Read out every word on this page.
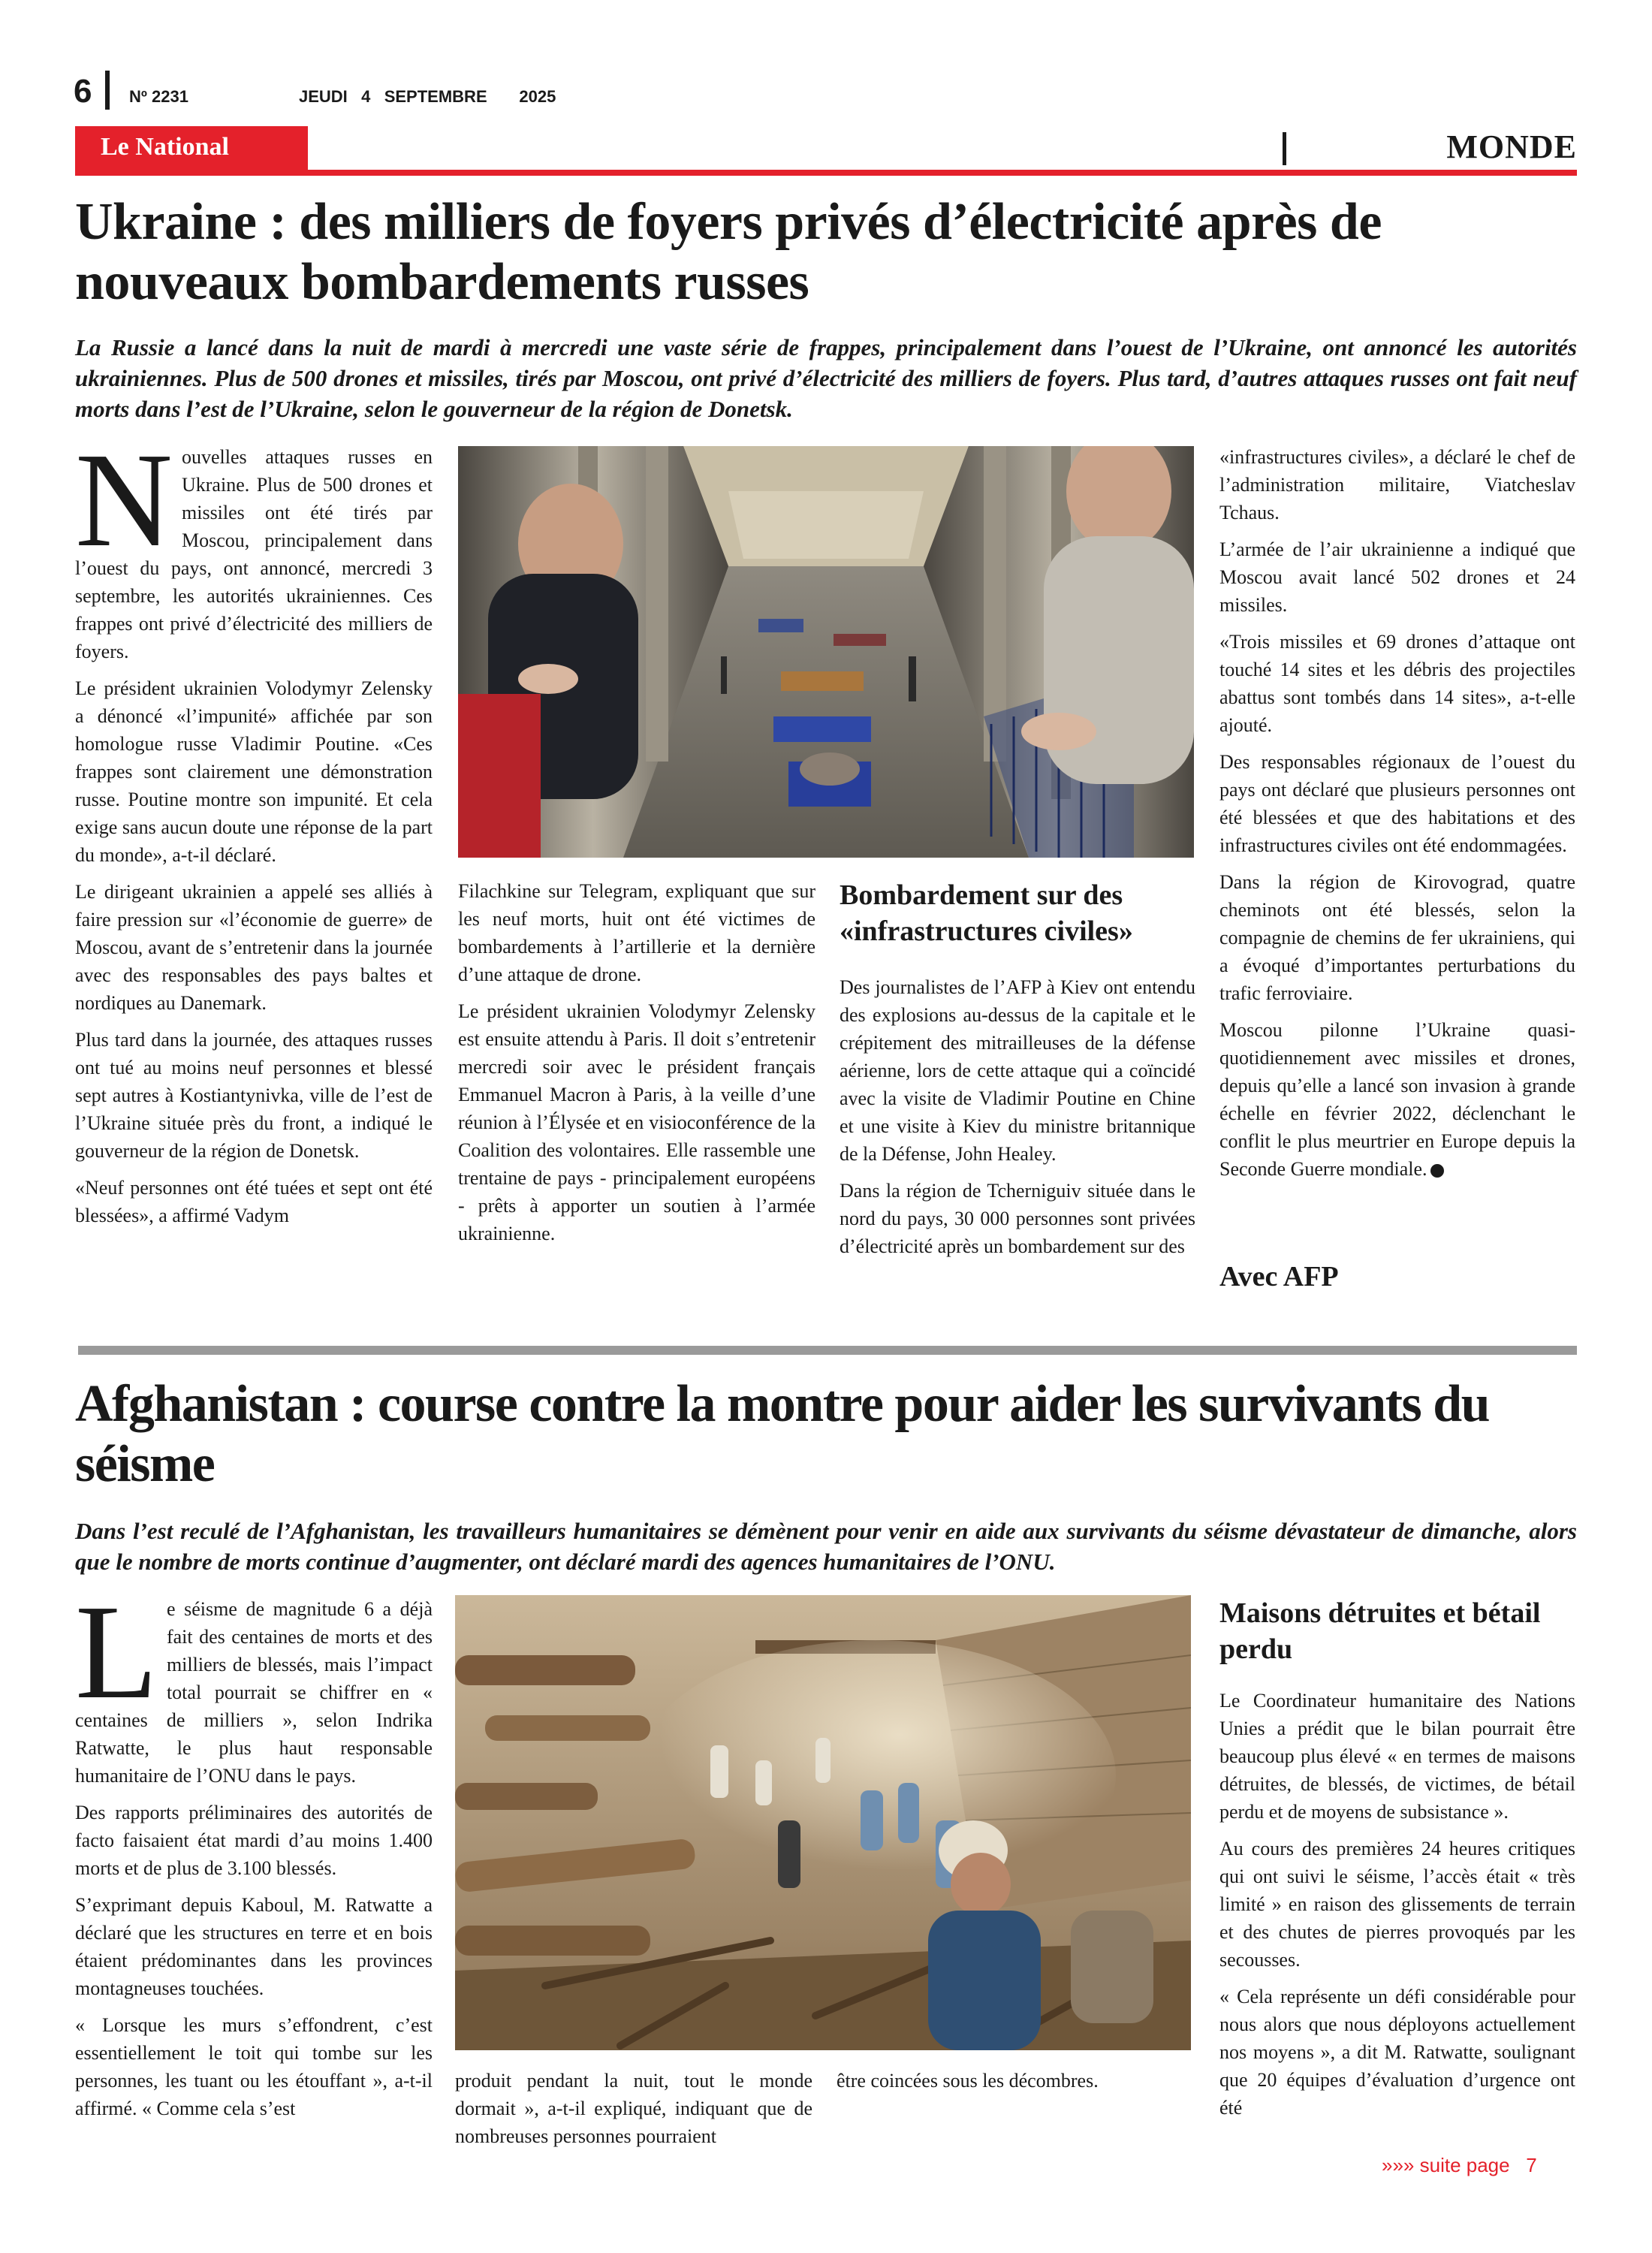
6 Nº 2231	JEUDI   4   SEPTEMBRE       2025
Le National	MONDE
Ukraine : des milliers de foyers privés d’électricité après de nouveaux bombardements russes
La Russie a lancé dans la nuit de mardi à mercredi une vaste série de frappes, principalement dans l’ouest de l’Ukraine, ont annoncé les autorités ukrainiennes. Plus de 500 drones et missiles, tirés par Moscou, ont privé d’électricité des milliers de foyers. Plus tard, d’autres attaques russes ont fait neuf morts dans l’est de l’Ukraine, selon le gouverneur de la région de Donetsk.

Nouvelles attaques russes en Ukraine. Plus de 500 drones et missiles ont été tirés par Moscou, principalement dans l’ouest du pays, ont annoncé, mercredi 3 septembre, les autorités ukrainiennes. Ces frappes ont privé d’électricité des milliers de foyers.

Le président ukrainien Volodymyr Zelensky a dénoncé «l’impunité» affichée par son homologue russe Vladimir Poutine. «Ces frappes sont clairement une démonstration russe. Poutine montre son impunité. Et cela exige sans aucun doute une réponse de la part du monde», a-t-il déclaré.

Le dirigeant ukrainien a appelé ses alliés à faire pression sur «l’économie de guerre» de Moscou, avant de s’entretenir dans la journée avec des responsables des pays baltes et nordiques au Danemark.

Plus tard dans la journée, des attaques russes ont tué au moins neuf personnes et blessé sept autres à Kostiantynivka, ville de l’est de l’Ukraine située près du front, a indiqué le gouverneur de la région de Donetsk.

«Neuf personnes ont été tuées et sept ont été blessées», a affirmé Vadym

Filachkine sur Telegram, expliquant que sur les neuf morts, huit ont été victimes de bombardements à l’artillerie et la dernière d’une attaque de drone.

Le président ukrainien Volodymyr Zelensky est ensuite attendu à Paris. Il doit s’entretenir mercredi soir avec le président français Emmanuel Macron à Paris, à la veille d’une réunion à l’Élysée et en visioconférence de la Coalition des volontaires. Elle rassemble une trentaine de pays - principalement européens - prêts à apporter un soutien à l’armée ukrainienne.

Bombardement sur des «infrastructures civiles»

Des journalistes de l’AFP à Kiev ont entendu des explosions au-dessus de la capitale et le crépitement des mitrailleuses de la défense aérienne, lors de cette attaque qui a coïncidé avec la visite de Vladimir Poutine en Chine et une visite à Kiev du ministre britannique de la Défense, John Healey.

Dans la région de Tcherniguiv située dans le nord du pays, 30 000 personnes sont privées d’électricité après un bombardement sur des

«infrastructures civiles», a déclaré le chef de l’administration militaire, Viatcheslav Tchaus.

L’armée de l’air ukrainienne a indiqué que Moscou avait lancé 502 drones et 24 missiles.

«Trois missiles et 69 drones d’attaque ont touché 14 sites et les débris des projectiles abattus sont tombés dans 14 sites», a-t-elle ajouté.

Des responsables régionaux de l’ouest du pays ont déclaré que plusieurs personnes ont été blessées et que des habitations et des infrastructures civiles ont été endommagées.

Dans la région de Kirovograd, quatre cheminots ont été blessés, selon la compagnie de chemins de fer ukrainiens, qui a évoqué d’importantes perturbations du trafic ferroviaire.

Moscou pilonne l’Ukraine quasi-quotidiennement avec missiles et drones, depuis qu’elle a lancé son invasion à grande échelle en février 2022, déclenchant le conflit le plus meurtrier en Europe depuis la Seconde Guerre mondiale.

Avec AFP
Afghanistan : course contre la montre pour aider les survivants du séisme
Dans l’est reculé de l’Afghanistan, les travailleurs humanitaires se démènent pour venir en aide aux survivants du séisme dévastateur de dimanche, alors que le nombre de morts continue d’augmenter, ont déclaré mardi des agences humanitaires de l’ONU.

Le séisme de magnitude 6 a déjà fait des centaines de morts et des milliers de blessés, mais l’impact total pourrait se chiffrer en « centaines de milliers », selon Indrika Ratwatte, le plus haut responsable humanitaire de l’ONU dans le pays.

Des rapports préliminaires des autorités de facto faisaient état mardi d’au moins 1.400 morts et de plus de 3.100 blessés.

S’exprimant depuis Kaboul, M. Ratwatte a déclaré que les structures en terre et en bois étaient prédominantes dans les provinces montagneuses touchées.

« Lorsque les murs s’effondrent, c’est essentiellement le toit qui tombe sur les personnes, les tuant ou les étouffant », a-t-il affirmé. « Comme cela s’est

produit pendant la nuit, tout le monde dormait », a-t-il expliqué, indiquant que de nombreuses personnes pourraient

être coincées sous les décombres.

Maisons détruites et bétail perdu

Le Coordinateur humanitaire des Nations Unies a prédit que le bilan pourrait être beaucoup plus élevé « en termes de maisons détruites, de blessés, de victimes, de bétail perdu et de moyens de subsistance ».

Au cours des premières 24 heures critiques qui ont suivi le séisme, l’accès était « très limité » en raison des glissements de terrain et des chutes de pierres provoqués par les secousses.

« Cela représente un défi considérable pour nous alors que nous déployons actuellement nos moyens », a dit M. Ratwatte, soulignant que 20 équipes d’évaluation d’urgence ont été

»»» suite page   7
